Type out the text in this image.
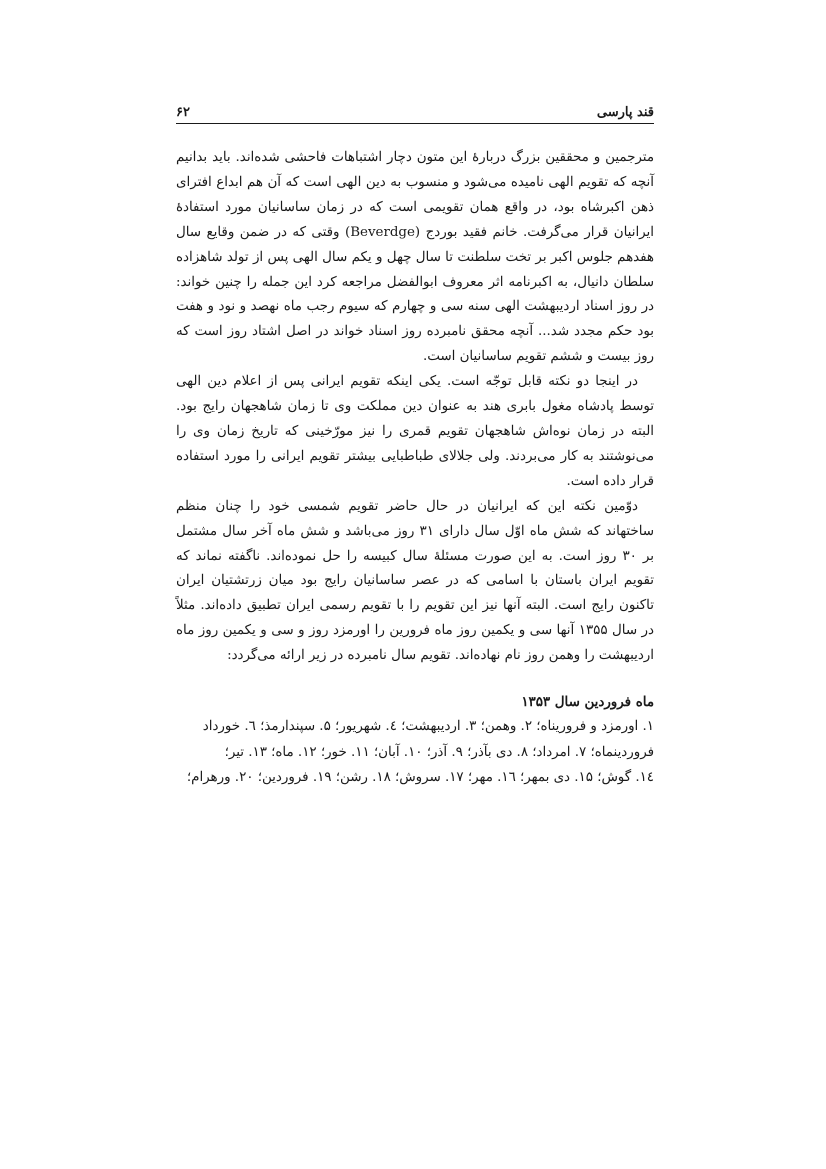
قند پارسی
۶۲

مترجمین و محققین بزرگ دربارهٔ این متون دچار اشتباهات فاحشی شده‌اند. باید بدانیم آنچه که تقویم الهی نامیده می‌شود و منسوب به دین الهی است که آن هم ابداع افترای ذهن اکبرشاه بود، در واقع همان تقویمی است که در زمان ساسانیان مورد استفادهٔ ایرانیان قرار می‌گرفت. خانم فقید بوردج (Beverdge) وقتی که در ضمن وقایع سال هفدهم جلوس اکبر بر تخت سلطنت تا سال چهل و یکم سال الهی پس از تولد شاهزاده سلطان دانیال، به اکبرنامه اثر معروف ابوالفضل مراجعه کرد این جمله را چنین خواند: در روز اسناد اردیبهشت الهی سنه سی و چهارم که سیوم رجب ماه نهصد و نود و هفت بود حکم مجدد شد... آنچه محقق نامبرده روز اسناد خواند در اصل اشتاد روز است که روز بیست و ششم تقویم ساسانیان است.

در اینجا دو نکته قابل توجّه است. یکی اینکه تقویم ایرانی پس از اعلام دین الهی توسط پادشاه مغول بابری هند به عنوان دین مملکت وی تا زمان شاهجهان رایج بود. البته در زمان نوه‌اش شاهجهان تقویم قمری را نیز مورّخینی که تاریخ زمان وی را می‌نوشتند به کار می‌بردند. ولی جلالای طباطبایی بیشتر تقویم ایرانی را مورد استفاده قرار داده است.

دوّمین نکته این که ایرانیان در حال حاضر تقویم شمسی خود را چنان منظم ساختهاند که شش ماه اوّل سال دارای ۳۱ روز می‌باشد و شش ماه آخر سال مشتمل بر ۳۰ روز است. به این صورت مسئلهٔ سال کبیسه را حل نموده‌اند. ناگفته نماند که تقویم ایران باستان با اسامی که در عصر ساسانیان رایج بود میان زرتشتیان ایران تاکنون رایج است. البته آنها نیز این تقویم را با تقویم رسمی ایران تطبیق داده‌اند. مثلاً در سال ۱۳۵۵ آنها سی و یکمین روز ماه فرورین را اورمزد روز و سی و یکمین روز ماه اردیبهشت را وهمن روز نام نهاده‌اند. تقویم سال نامبرده در زیر ارائه می‌گردد:

ماه فروردین سال ۱۳۵۳
۱. اورمزد و فروریناه؛ ۲. وهمن؛ ۳. اردیبهشت؛ ٤. شهریور؛ ۵. سپندارمذ؛ ٦. خورداد
فروردینماه؛ ۷. امرداد؛ ۸. دی بآذر؛ ۹. آذر؛ ۱۰. آبان؛ ۱۱. خور؛ ۱۲. ماه؛ ۱۳. تیر؛
۱٤. گوش؛ ۱۵. دی بمهر؛ ۱٦. مهر؛ ۱۷. سروش؛ ۱۸. رشن؛ ۱۹. فروردین؛ ۲۰. ورهرام؛
